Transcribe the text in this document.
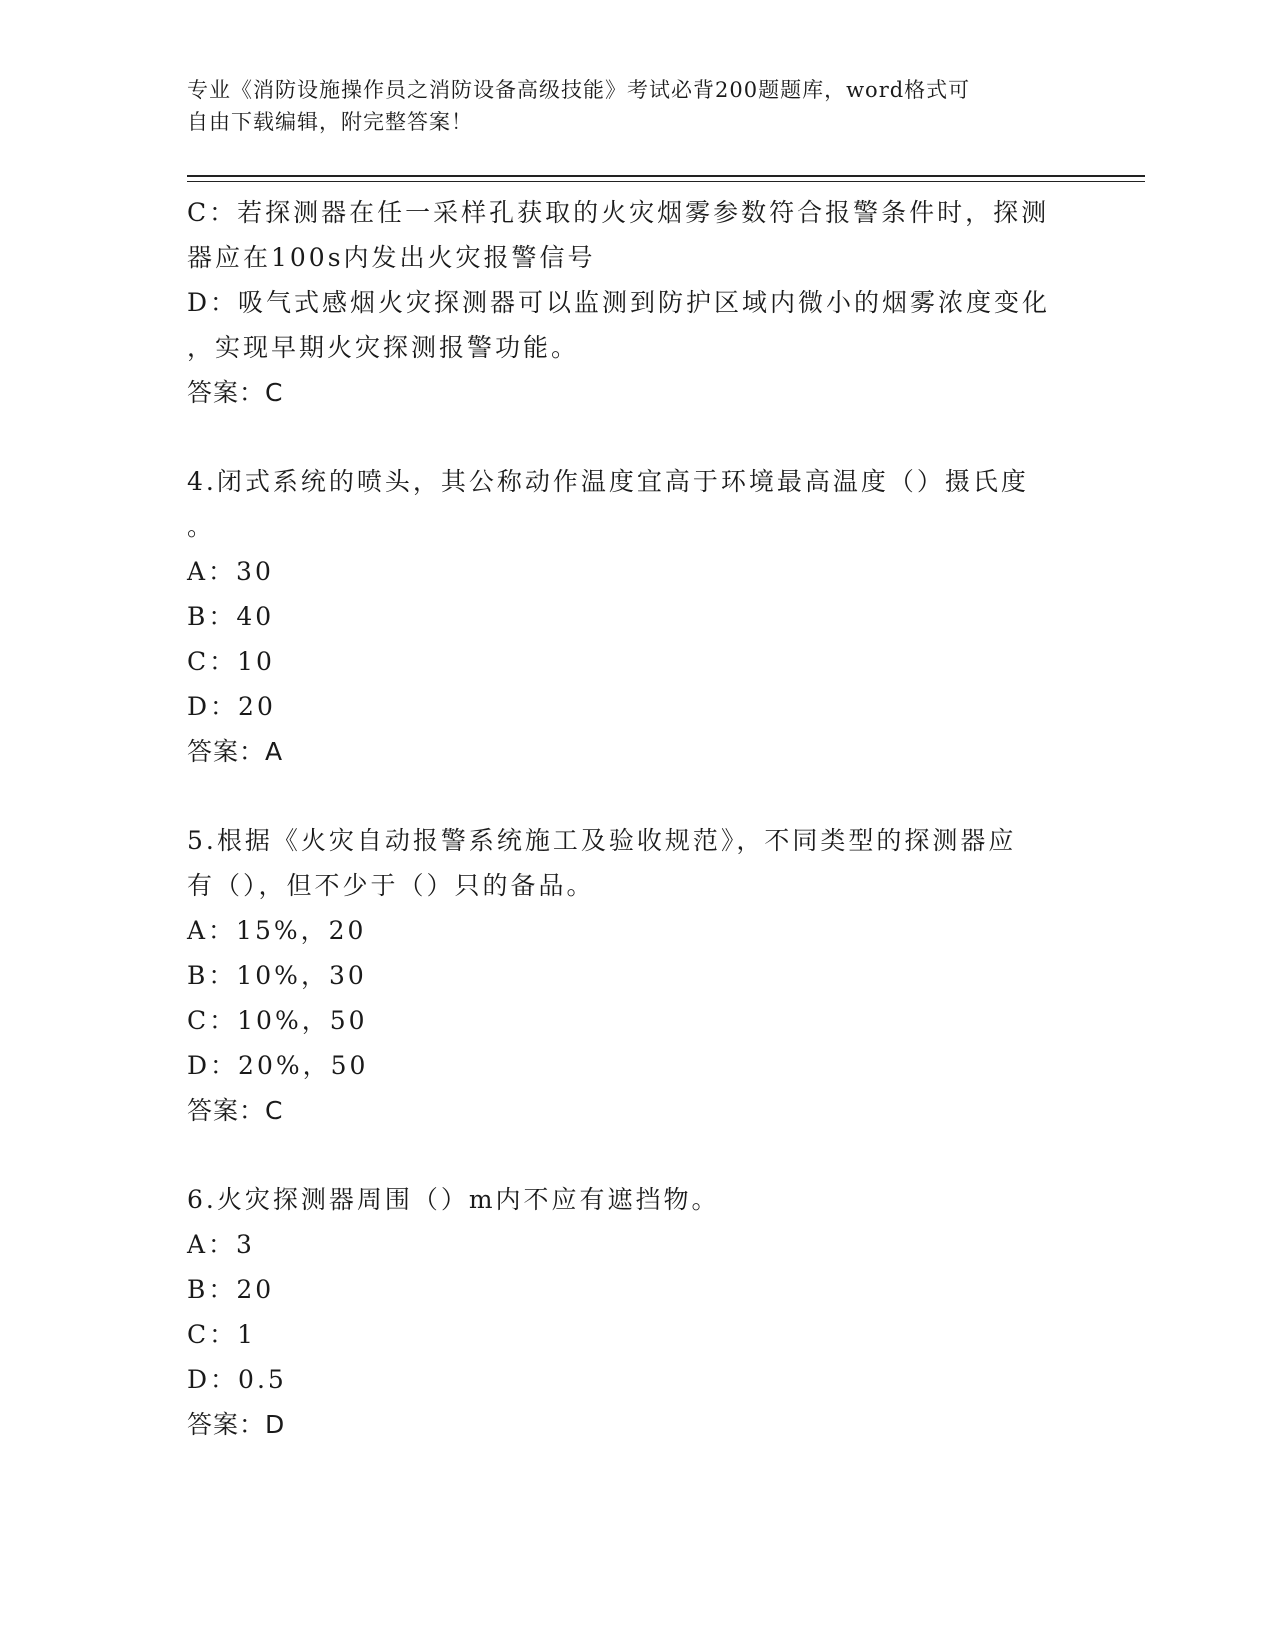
专业《消防设施操作员之消防设备高级技能》考试必背200题题库，word格式可
自由下载编辑，附完整答案！
C：若探测器在任一采样孔获取的火灾烟雾参数符合报警条件时，探测
器应在100s内发出火灾报警信号
D：吸气式感烟火灾探测器可以监测到防护区域内微小的烟雾浓度变化
，实现早期火灾探测报警功能。
答案：C
4.闭式系统的喷头，其公称动作温度宜高于环境最高温度（）摄氏度
。
A：30
B：40
C：10
D：20
答案：A
5.根据《火灾自动报警系统施工及验收规范》，不同类型的探测器应
有（），但不少于（）只的备品。
A：15%，20
B：10%，30
C：10%，50
D：20%，50
答案：C
6.火灾探测器周围（）m内不应有遮挡物。
A：3
B：20
C：1
D：0.5
答案：D
